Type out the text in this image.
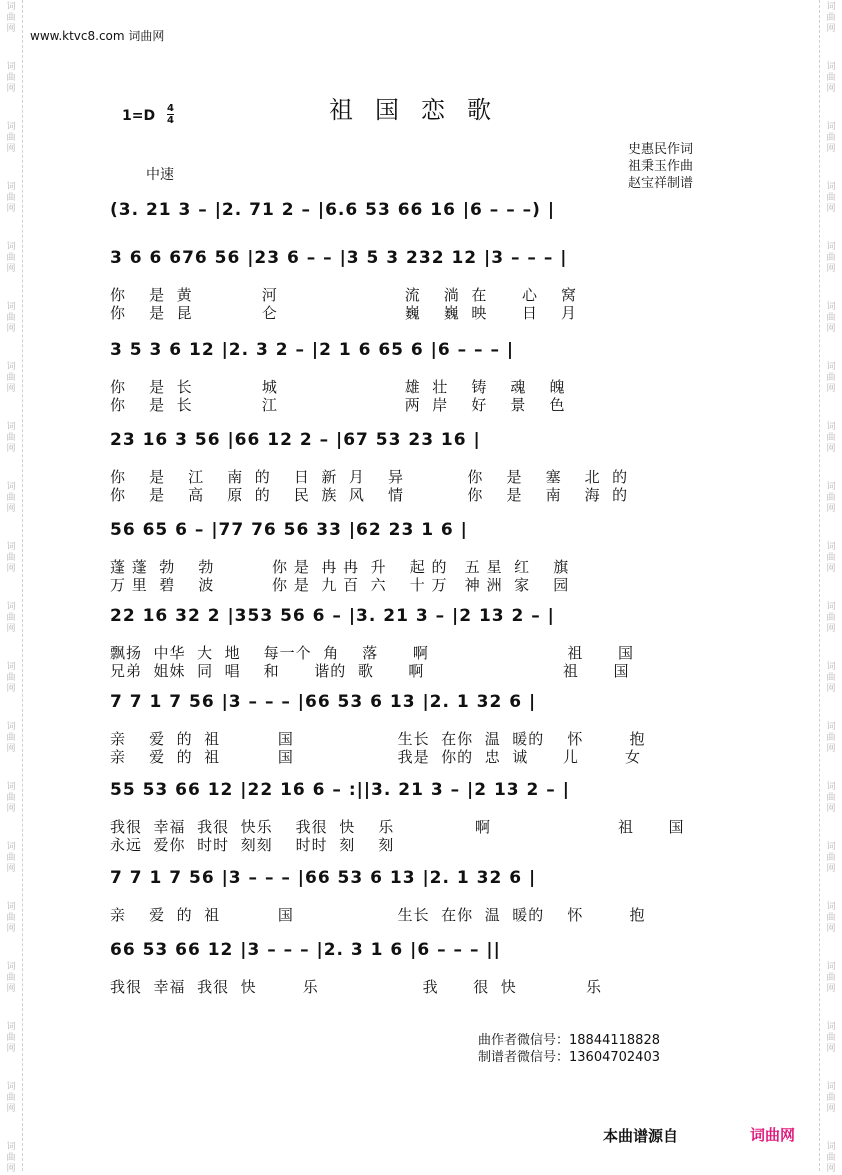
词
曲
网
词
曲
网
词
曲
网
词
曲
网
词
曲
网
词
曲
网
词
曲
网
词
曲
网
词
曲
网
词
曲
网
词
曲
网
词
曲
网
词
曲
网
词
曲
网
词
曲
网
词
曲
网
词
曲
网
词
曲
网
词
曲
网
词
曲
网
词
曲
网
词
曲
网
词
曲
网
词
曲
网
词
曲
网
词
曲
网
词
曲
网
词
曲
网
词
曲
网
词
曲
网
词
曲
网
词
曲
网
词
曲
网
词
曲
网
词
曲
网
词
曲
网
词
曲
网
词
曲
网
词
曲
网
词
曲
网
www.ktvc8.com 词曲网
祖国恋歌
1=D 4
4
中速
史惠民作词
祖秉玉作曲
赵宝祥制谱
(3. 21 3 – |2. 71 2 – |6.6 53 66 16 |6 – – –) |
3 6 6 676 56 |23 6 – – |3 5 3 232 12 |3 – – – |
你    是  黄            河                      流    淌  在      心    窝
你    是  昆            仑                      巍    巍  映      日    月
3 5 3 6 12 |2. 3 2 – |2 1 6 65 6 |6 – – – |
你    是  长            城                      雄  壮    铸    魂    魄
你    是  长            江                      两  岸    好    景    色
23 16 3 56 |66 12 2 – |67 53 23 16 |
你    是    江    南  的    日  新  月    异           你    是    塞    北  的
你    是    高    原  的    民  族  风    情           你    是    南    海  的
56 65 6 – |77 76 56 33 |62 23 1 6 |
蓬 蓬  勃    勃          你 是  冉 冉  升    起 的   五 星  红    旗
万 里  碧    波          你 是  九 百  六    十 万   神 洲  家    园
22 16 32 2 |353 56 6 – |3. 21 3 – |2 13 2 – |
飘扬  中华  大  地    每一个  角    落      啊                        祖      国
兄弟  姐妹  同  唱    和      谐的  歌      啊                        祖      国
7 7 1 7 56 |3 – – – |66 53 6 13 |2. 1 32 6 |
亲    爱  的  祖          国                  生长  在你  温  暖的    怀        抱
亲    爱  的  祖          国                  我是  你的  忠  诚      儿        女
55 53 66 12 |22 16 6 – :||3. 21 3 – |2 13 2 – |
我很  幸福  我很  快乐    我很  快    乐              啊                      祖      国
永远  爱你  时时  刻刻    时时  刻    刻
7 7 1 7 56 |3 – – – |66 53 6 13 |2. 1 32 6 |
亲    爱  的  祖          国                  生长  在你  温  暖的    怀        抱
66 53 66 12 |3 – – – |2. 3 1 6 |6 – – – ||
我很  幸福  我很  快        乐                  我      很  快            乐
曲作者微信号：18844118828
制谱者微信号：13604702403
本曲谱源自	词曲网
